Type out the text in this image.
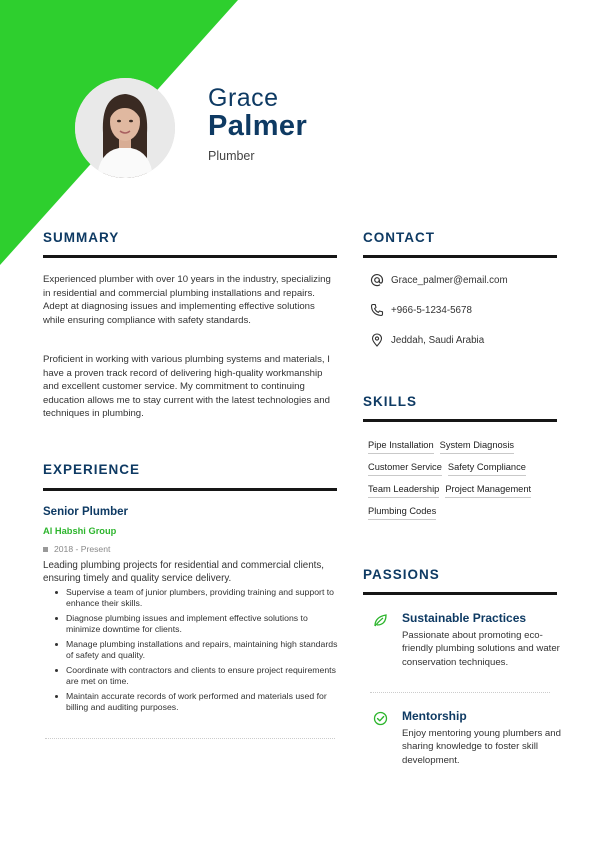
Grace
Palmer
Plumber
SUMMARY
Experienced plumber with over 10 years in the industry, specializing in residential and commercial plumbing installations and repairs. Adept at diagnosing issues and implementing effective solutions while ensuring compliance with safety standards.
Proficient in working with various plumbing systems and materials, I have a proven track record of delivering high-quality workmanship and excellent customer service. My commitment to continuing education allows me to stay current with the latest technologies and techniques in plumbing.
EXPERIENCE
Senior Plumber
Al Habshi Group
2018 - Present
Leading plumbing projects for residential and commercial clients, ensuring timely and quality service delivery.
Supervise a team of junior plumbers, providing training and support to enhance their skills.
Diagnose plumbing issues and implement effective solutions to minimize downtime for clients.
Manage plumbing installations and repairs, maintaining high standards of safety and quality.
Coordinate with contractors and clients to ensure project requirements are met on time.
Maintain accurate records of work performed and materials used for billing and auditing purposes.
CONTACT
Grace_palmer@email.com
+966-5-1234-5678
Jeddah, Saudi Arabia
SKILLS
Pipe Installation System Diagnosis
Customer Service Safety Compliance
Team Leadership Project Management
Plumbing Codes
PASSIONS
Sustainable Practices
Passionate about promoting eco-friendly plumbing solutions and water conservation techniques.
Mentorship
Enjoy mentoring young plumbers and sharing knowledge to foster skill development.
